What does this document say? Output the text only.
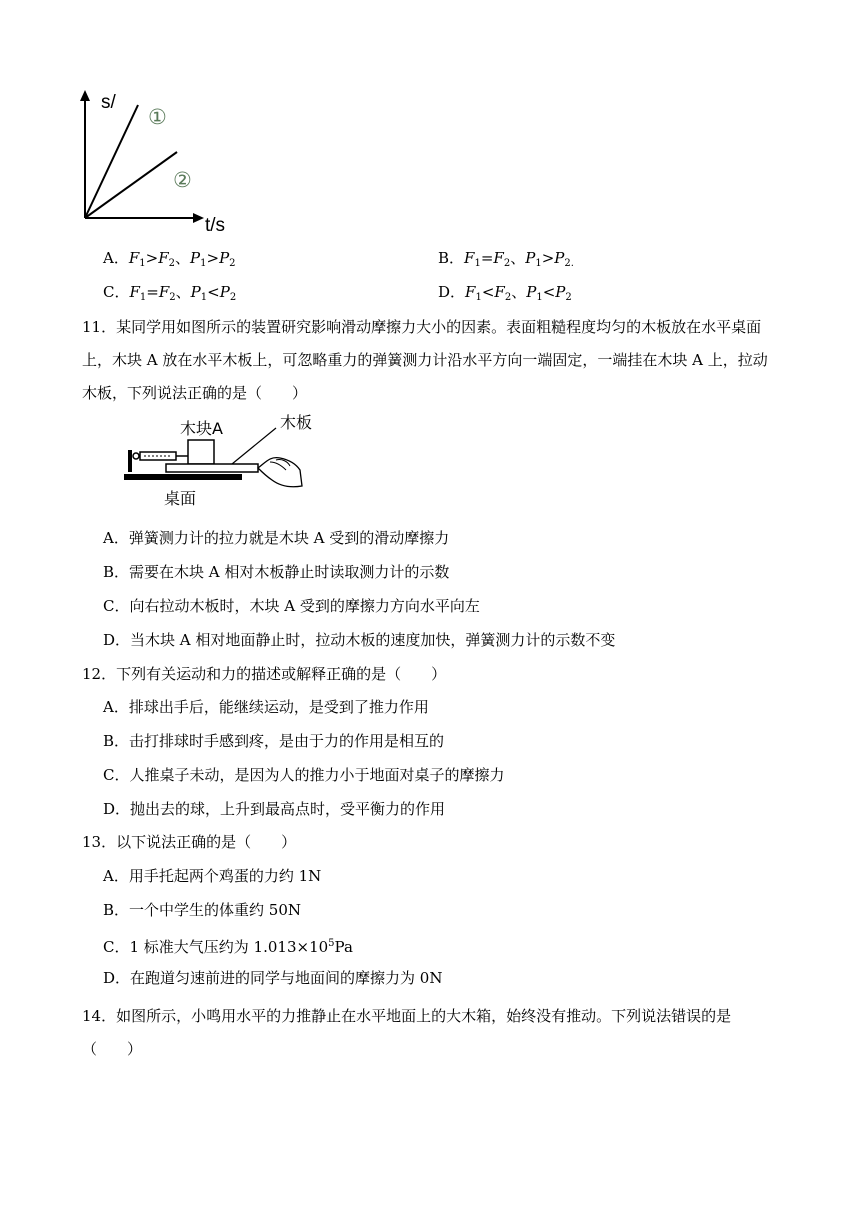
s/
t/s
①
②
A．$F_1>F_2$、$P_1>P_2$	B．$F_1=F_2$、$P_1>P_{2.}$
C．$F_1=F_2$、$P_1<P_2$	D．$F_1<F_2$、$P_1<P_2$
11．某同学用如图所示的装置研究影响滑动摩擦力大小的因素。表面粗糙程度均匀的木板放在水平桌面上，木块 A 放在水平木板上，可忽略重力的弹簧测力计沿水平方向一端固定，一端挂在木块 A 上，拉动木板，下列说法正确的是（　　）
木块A	木板
桌面
A．弹簧测力计的拉力就是木块 A 受到的滑动摩擦力
B．需要在木块 A 相对木板静止时读取测力计的示数
C．向右拉动木板时，木块 A 受到的摩擦力方向水平向左
D．当木块 A 相对地面静止时，拉动木板的速度加快，弹簧测力计的示数不变
12．下列有关运动和力的描述或解释正确的是（　　）
A．排球出手后，能继续运动，是受到了推力作用
B．击打排球时手感到疼，是由于力的作用是相互的
C．人推桌子未动，是因为人的推力小于地面对桌子的摩擦力
D．抛出去的球，上升到最高点时，受平衡力的作用
13．以下说法正确的是（　　）
A．用手托起两个鸡蛋的力约 1N
B．一个中学生的体重约 50N
C．1 标准大气压约为 $1.013\times 10^5Pa$
D．在跑道匀速前进的同学与地面间的摩擦力为 0N
14．如图所示，小鸣用水平的力推静止在水平地面上的大木箱，始终没有推动。下列说法错误的是（　　）
